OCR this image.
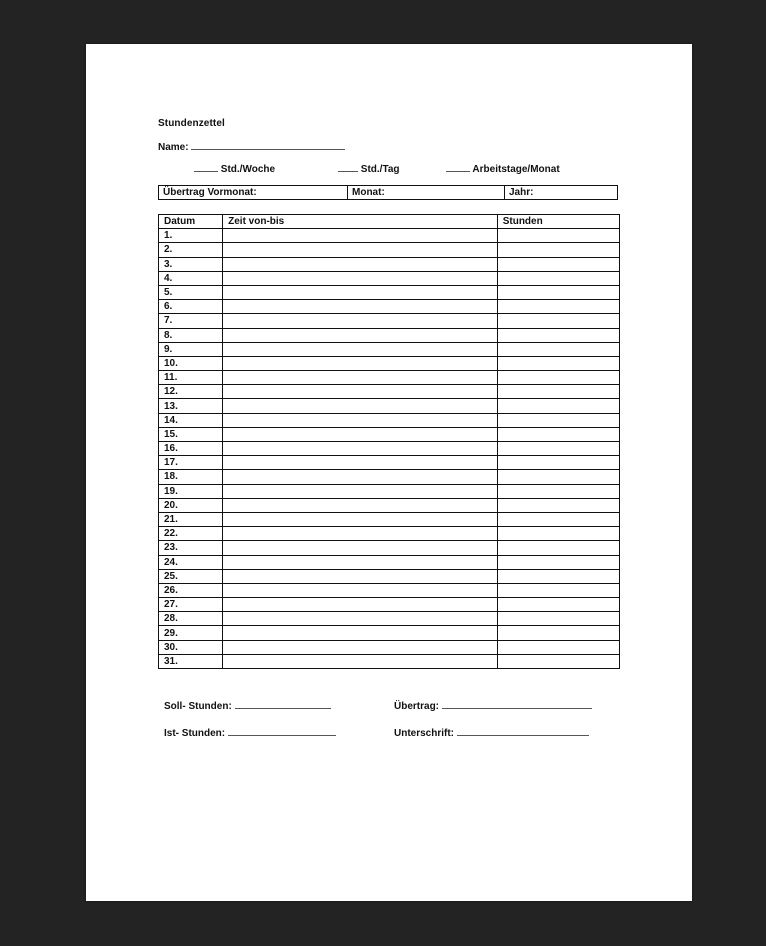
Stundenzettel
Name:
Std./Woche	Std./Tag	Arbeitstage/Monat
Übertrag Vormonat:	Monat:	Jahr:
Datum	Zeit von-bis	Stunden
1.		
2.		
3.		
4.		
5.		
6.		
7.		
8.		
9.		
10.		
11.		
12.		
13.		
14.		
15.		
16.		
17.		
18.		
19.		
20.		
21.		
22.		
23.		
24.		
25.		
26.		
27.		
28.		
29.		
30.		
31.		
Soll- Stunden:	Übertrag:
Ist- Stunden:	Unterschrift:
